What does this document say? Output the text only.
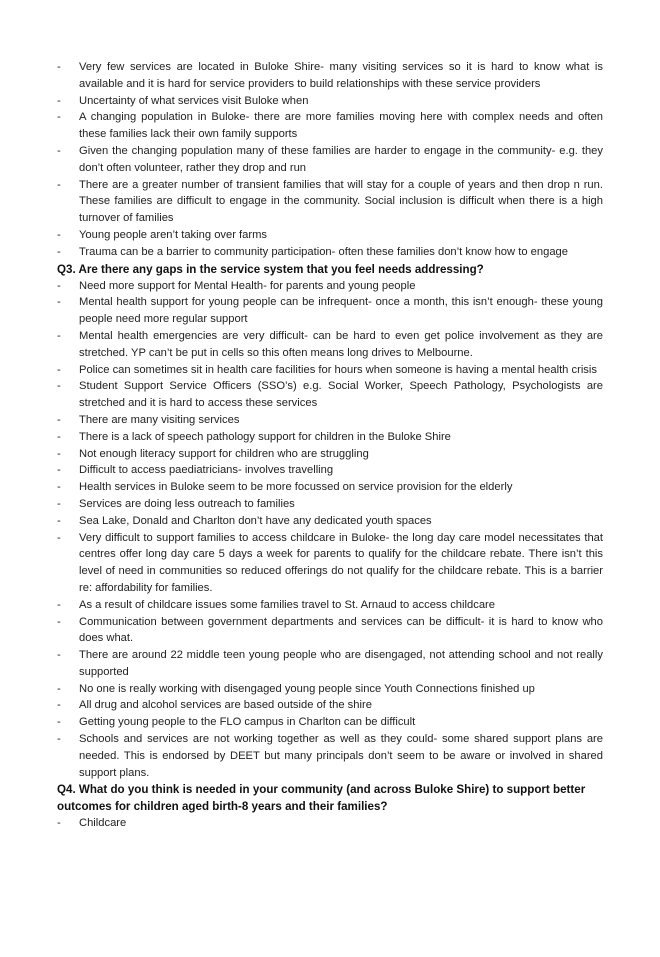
-	Very few services are located in Buloke Shire- many visiting services so it is hard to know what is available and it is hard for service providers to build relationships with these service providers
-	Uncertainty of what services visit Buloke when
-	A changing population in Buloke- there are more families moving here with complex needs and often these families lack their own family supports
-	Given the changing population many of these families are harder to engage in the community- e.g. they don’t often volunteer, rather they drop and run
-	There are a greater number of transient families that will stay for a couple of years and then drop n run. These families are difficult to engage in the community. Social inclusion is difficult when there is a high turnover of families
-	Young people aren’t taking over farms
-	Trauma can be a barrier to community participation- often these families don’t know how to engage
Q3. Are there any gaps in the service system that you feel needs addressing?
-	Need more support for Mental Health- for parents and young people
-	Mental health support for young people can be infrequent- once a month, this isn’t enough- these young people need more regular support
-	Mental health emergencies are very difficult- can be hard to even get police involvement as they are stretched. YP can’t be put in cells so this often means long drives to Melbourne.
-	Police can sometimes sit in health care facilities for hours when someone is having a mental health crisis
-	Student Support Service Officers (SSO’s) e.g. Social Worker, Speech Pathology, Psychologists are stretched and it is hard to access these services
-	There are many visiting services
-	There is a lack of speech pathology support for children in the Buloke Shire
-	Not enough literacy support for children who are struggling
-	Difficult to access paediatricians- involves travelling
-	Health services in Buloke seem to be more focussed on service provision for the elderly
-	Services are doing less outreach to families
-	Sea Lake, Donald and Charlton don’t have any dedicated youth spaces
-	Very difficult to support families to access childcare in Buloke- the long day care model necessitates that centres offer long day care 5 days a week for parents to qualify for the childcare rebate. There isn’t this level of need in communities so reduced offerings do not qualify for the childcare rebate. This is a barrier re: affordability for families.
-	As a result of childcare issues some families travel to St. Arnaud to access childcare
-	Communication between government departments and services can be difficult- it is hard to know who does what.
-	There are around 22 middle teen young people who are disengaged, not attending school and not really supported
-	No one is really working with disengaged young people since Youth Connections finished up
-	All drug and alcohol services are based outside of the shire
-	Getting young people to the FLO campus in Charlton can be difficult
-	Schools and services are not working together as well as they could- some shared support plans are needed. This is endorsed by DEET but many principals don’t seem to be aware or involved in shared support plans.
Q4. What do you think is needed in your community (and across Buloke Shire) to support better outcomes for children aged birth-8 years and their families?
-	Childcare
